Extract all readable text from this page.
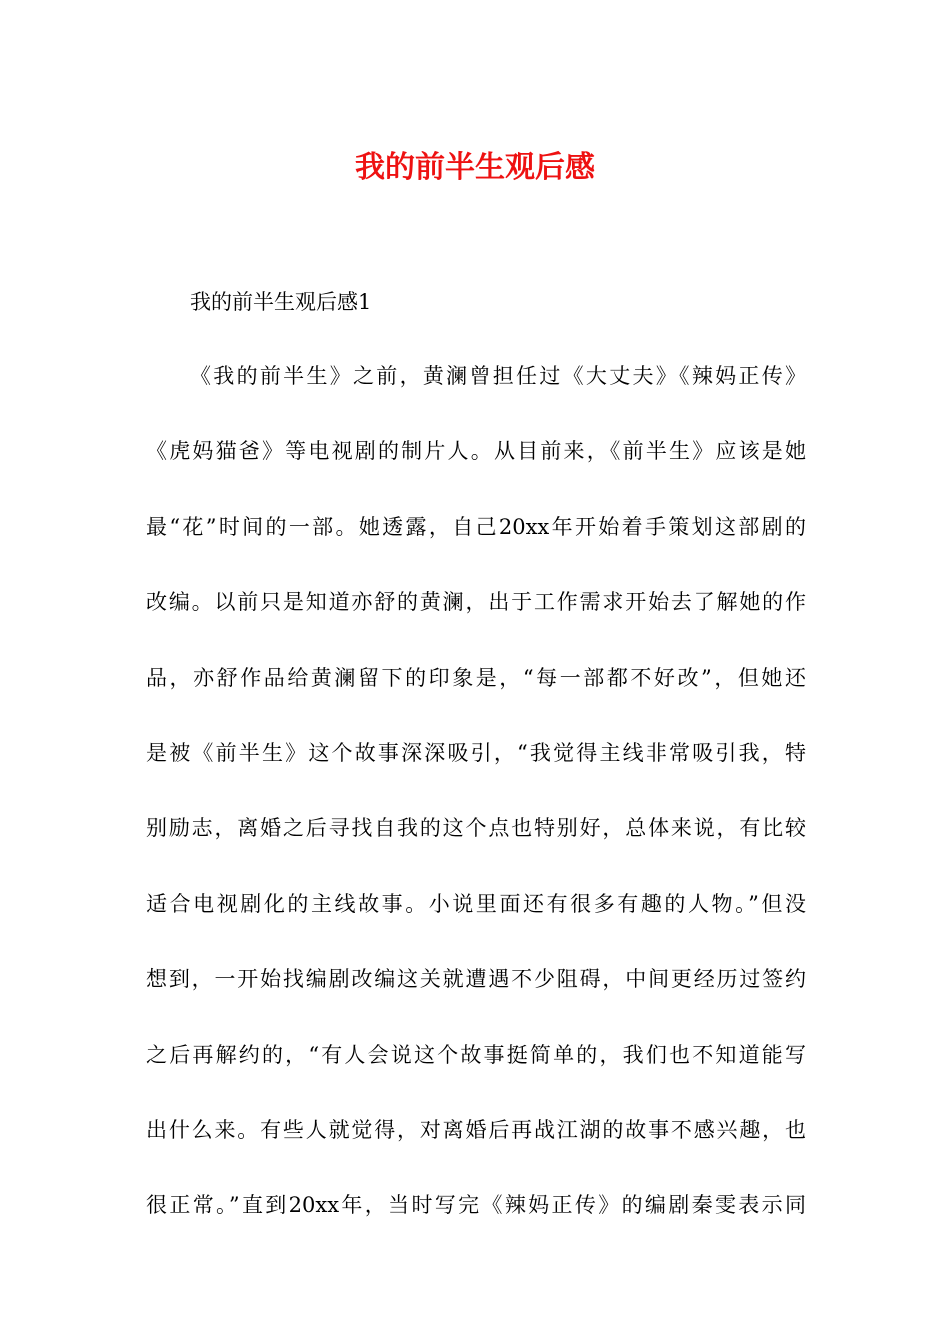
我的前半生观后感
我的前半生观后感1
《我的前半生》之前，黄澜曾担任过《大丈夫》《辣妈正传》
《虎妈猫爸》等电视剧的制片人。从目前来，《前半生》应该是她
最“花”时间的一部。她透露，自己20xx年开始着手策划这部剧的
改编。以前只是知道亦舒的黄澜，出于工作需求开始去了解她的作
品，亦舒作品给黄澜留下的印象是，“每一部都不好改”，但她还
是被《前半生》这个故事深深吸引，“我觉得主线非常吸引我，特
别励志，离婚之后寻找自我的这个点也特别好，总体来说，有比较
适合电视剧化的主线故事。小说里面还有很多有趣的人物。”但没
想到，一开始找编剧改编这关就遭遇不少阻碍，中间更经历过签约
之后再解约的，“有人会说这个故事挺简单的，我们也不知道能写
出什么来。有些人就觉得，对离婚后再战江湖的故事不感兴趣，也
很正常。”直到20xx年，当时写完《辣妈正传》的编剧秦雯表示同
